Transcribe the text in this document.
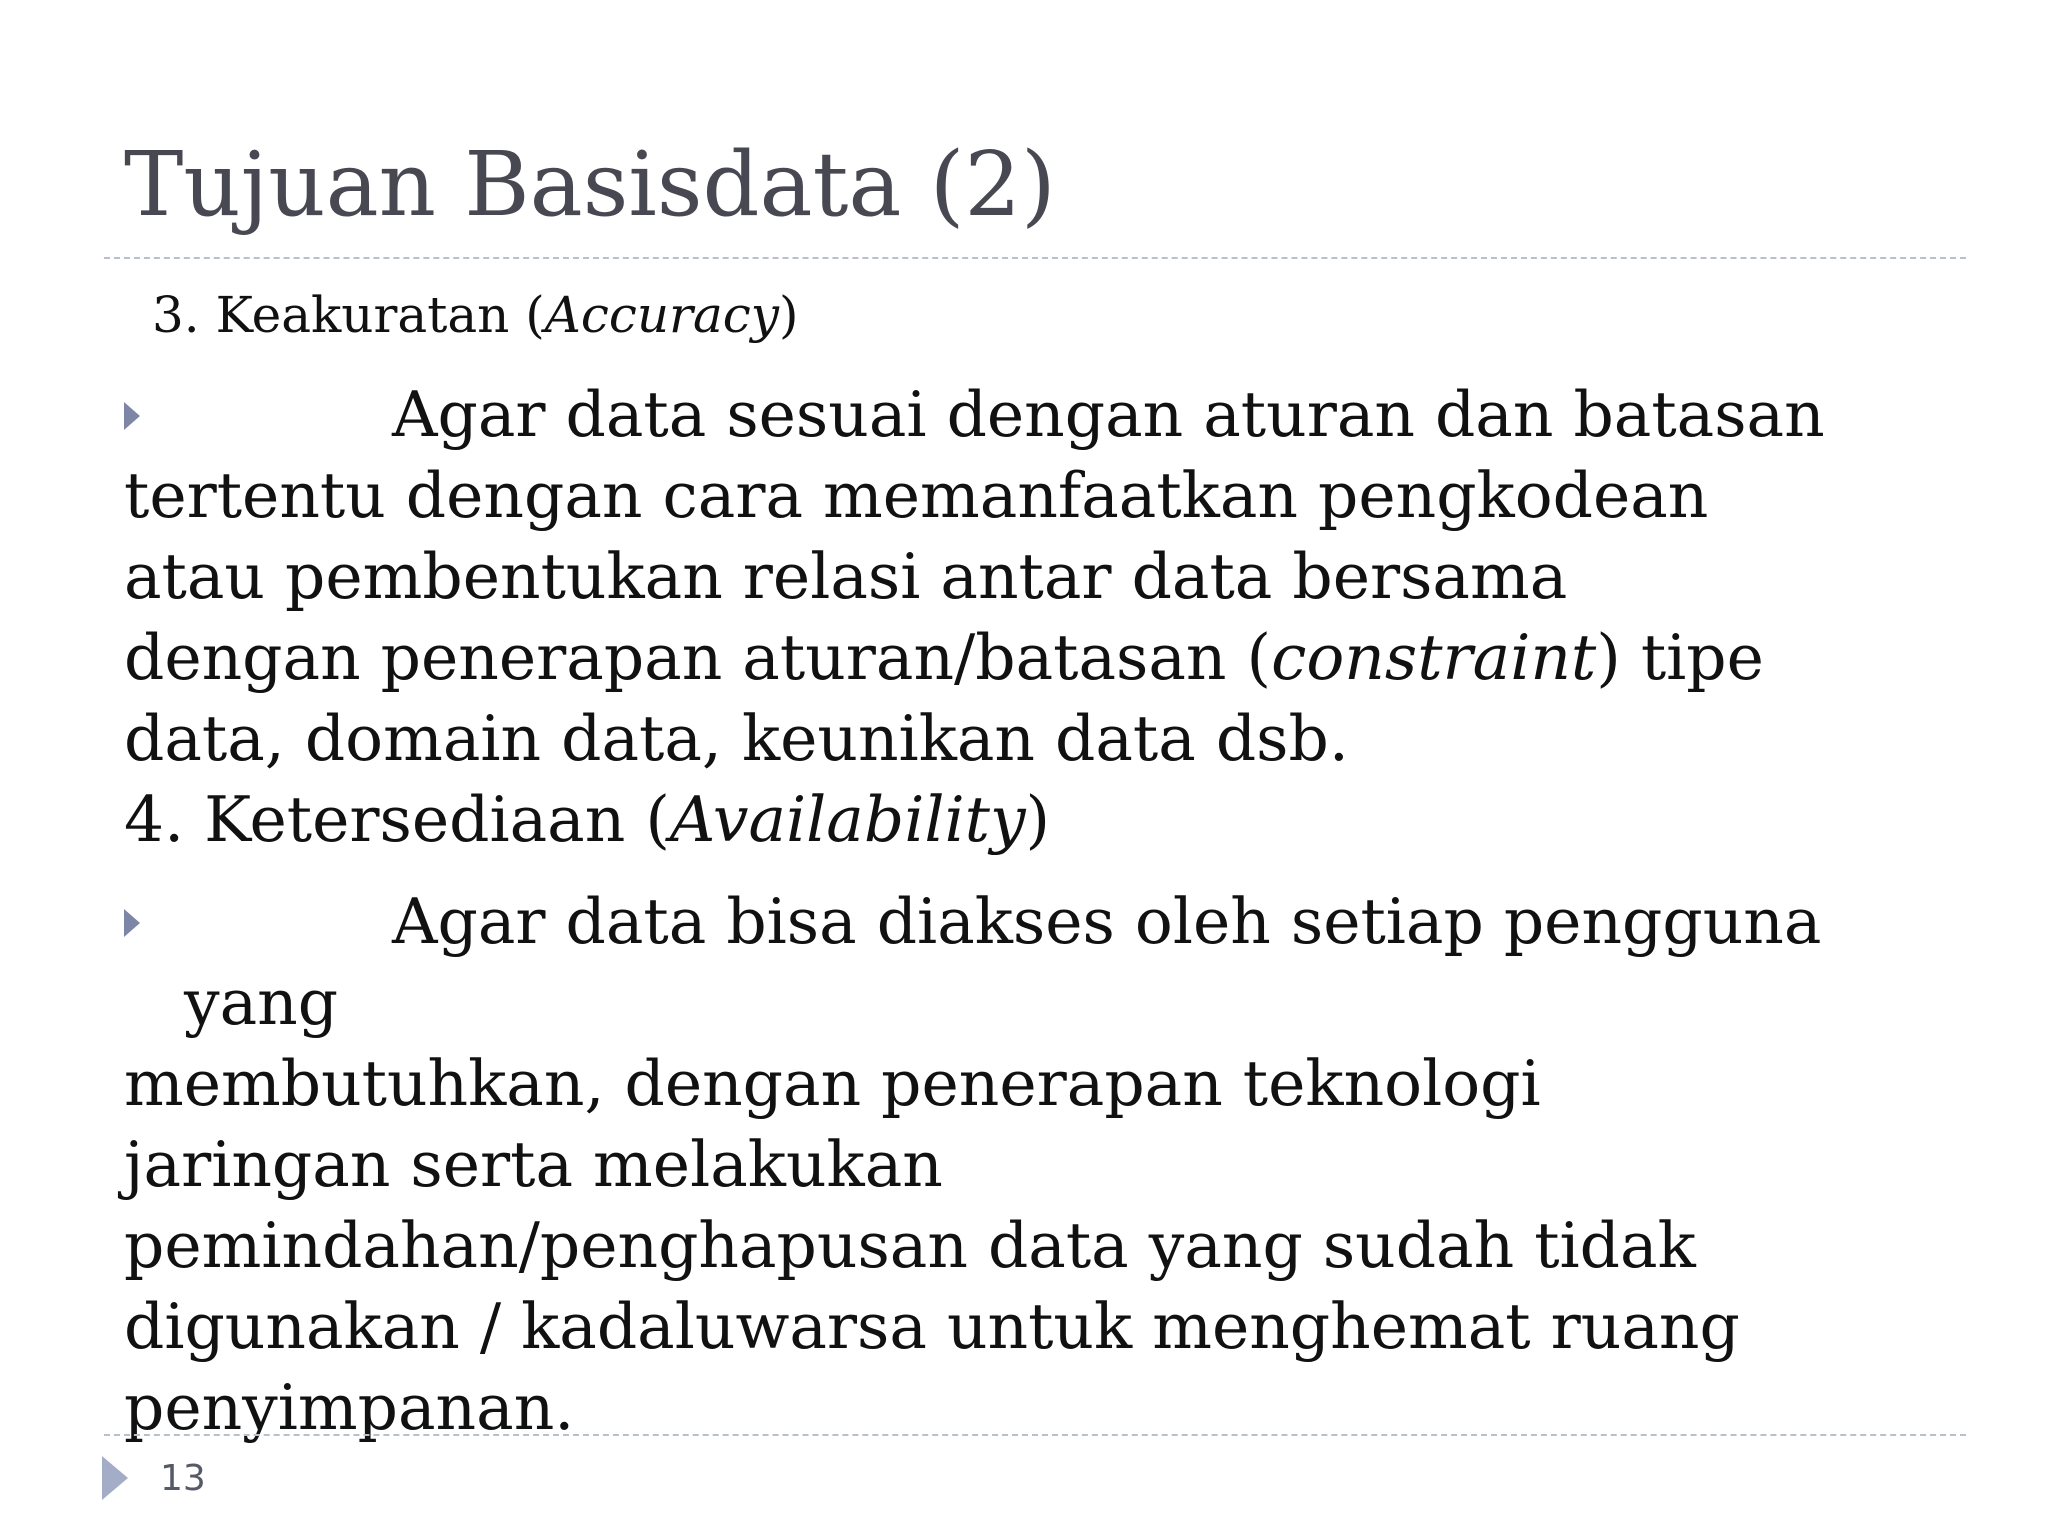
Tujuan Basisdata (2)
3. Keakuratan (Accuracy)
Agar data sesuai dengan aturan dan batasan
tertentu dengan cara memanfaatkan pengkodean
atau pembentukan relasi antar data bersama
dengan penerapan aturan/batasan (constraint) tipe
data, domain data, keunikan data dsb.
4. Ketersediaan (Availability)
Agar data bisa diakses oleh setiap pengguna
yang
membutuhkan, dengan penerapan teknologi
jaringan serta melakukan
pemindahan/penghapusan data yang sudah tidak
digunakan / kadaluwarsa untuk menghemat ruang
penyimpanan.
13
